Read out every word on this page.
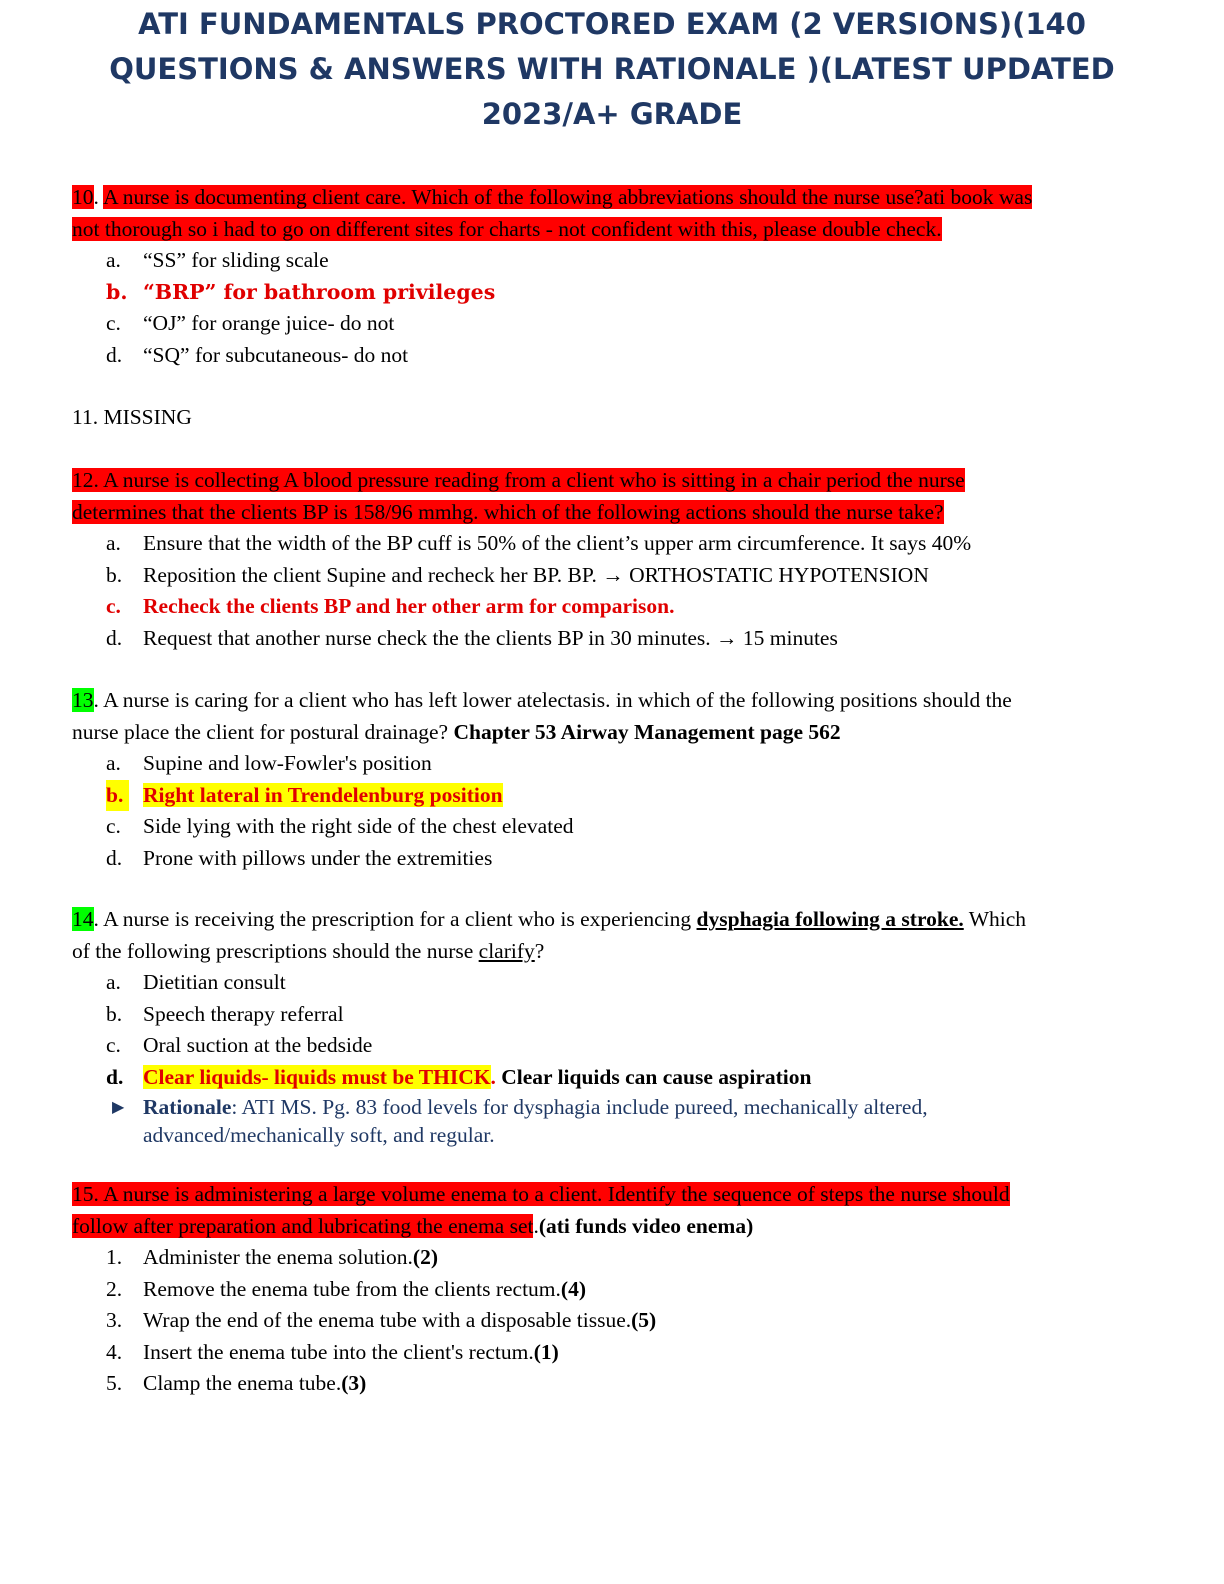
ATI FUNDAMENTALS PROCTORED EXAM (2 VERSIONS)(140
QUESTIONS & ANSWERS WITH RATIONALE )(LATEST UPDATED
2023/A+ GRADE
10. A nurse is documenting client care. Which of the following abbreviations should the nurse use?ati book was
not thorough so i had to go on different sites for charts - not confident with this, please double check.
a.	“SS” for sliding scale
b. “BRP” for bathroom privileges
c.	“OJ” for orange juice- do not
d. “SQ” for subcutaneous- do not
11. MISSING
12. A nurse is collecting A blood pressure reading from a client who is sitting in a chair period the nurse
determines that the clients BP is 158/96 mmhg. which of the following actions should the nurse take?
a.	Ensure that the width of the BP cuff is 50% of the client’s upper arm circumference. It says 40%
b. Reposition the client Supine and recheck her BP. BP. → ORTHOSTATIC HYPOTENSION
c.	Recheck the clients BP and her other arm for comparison.
d. Request that another nurse check the the clients BP in 30 minutes. → 15 minutes
13. A nurse is caring for a client who has left lower atelectasis. in which of the following positions should the
nurse place the client for postural drainage? Chapter 53 Airway Management page 562
a.	Supine and low-Fowler's position
b. Right lateral in Trendelenburg position
c.	Side lying with the right side of the chest elevated
d. Prone with pillows under the extremities
14. A nurse is receiving the prescription for a client who is experiencing dysphagia following a stroke. Which
of the following prescriptions should the nurse clarify?
a.	Dietitian consult
b. Speech therapy referral
c.	Oral suction at the bedside
d. Clear liquids- liquids must be THICK. Clear liquids can cause aspiration
▶ Rationale: ATI MS. Pg. 83 food levels for dysphagia include pureed, mechanically altered,
advanced/mechanically soft, and regular.
15. A nurse is administering a large volume enema to a client. Identify the sequence of steps the nurse should
follow after preparation and lubricating the enema set.(ati funds video enema)
1. Administer the enema solution.(2)
2. Remove the enema tube from the clients rectum.(4)
3. Wrap the end of the enema tube with a disposable tissue.(5)
4. Insert the enema tube into the client's rectum.(1)
5. Clamp the enema tube.(3)
